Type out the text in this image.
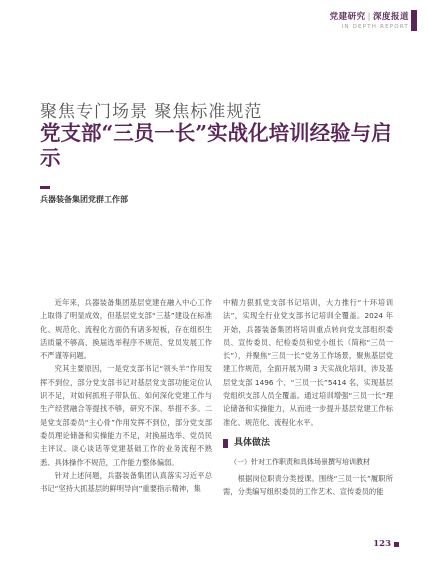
党建研究 | 深度报道
IN DEPTH REPORT
聚焦专门场景 聚焦标准规范
党支部“三员一长”实战化培训经验与启示
兵器装备集团党群工作部

近年来，兵器装备集团基层党建在融入中心工作上取得了明显成效，但基层党支部“三基”建设在标准化、规范化、流程化方面仍有诸多短板，存在组织生活质量不够高、换届选举程序不规范、党员发展工作不严谨等问题。

究其主要原因，一是党支部书记“领头羊”作用发挥不到位，部分党支部书记对基层党支部功能定位认识不足，对如何抓班子带队伍、如何深化党建工作与生产经营融合等提找不够，研究不深、举措不多。二是党支部委员“主心骨”作用发挥不到位，部分党支部委员理论储备和实操能力不足，对换届选举、党员民主评议、谈心谈话等党建基础工作的业务流程不熟悉、具体操作不规范，工作能力整体偏弱。

针对上述问题，兵器装备集团认真落实习近平总书记“坚持大抓基层的鲜明导向”重要指示精神，集

中精力狠抓党支部书记培训，大力推行“十环培训法”，实现全行业党支部书记培训全覆盖。2024 年开始，兵器装备集团将培训重点转向党支部组织委员、宣传委员、纪检委员和党小组长（简称“三员一长”），并聚焦“三员一长”党务工作场景，聚焦基层党建工作规范，全面开展为期 3 天实战化培训，涉及基层党支部 1496 个、“三员一长”5414 名，实现基层党组织支部人员全覆盖。通过培训增强“三员一长”理论储备和实操能力，从而进一步提升基层党建工作标准化、规范化、流程化水平。

具体做法
（一）针对工作职责和具体场景撰写培训教材

根据岗位职责分类授课。围绕“三员一长”履职所需，分类编写组织委员的工作艺术、宣传委员的能

123
